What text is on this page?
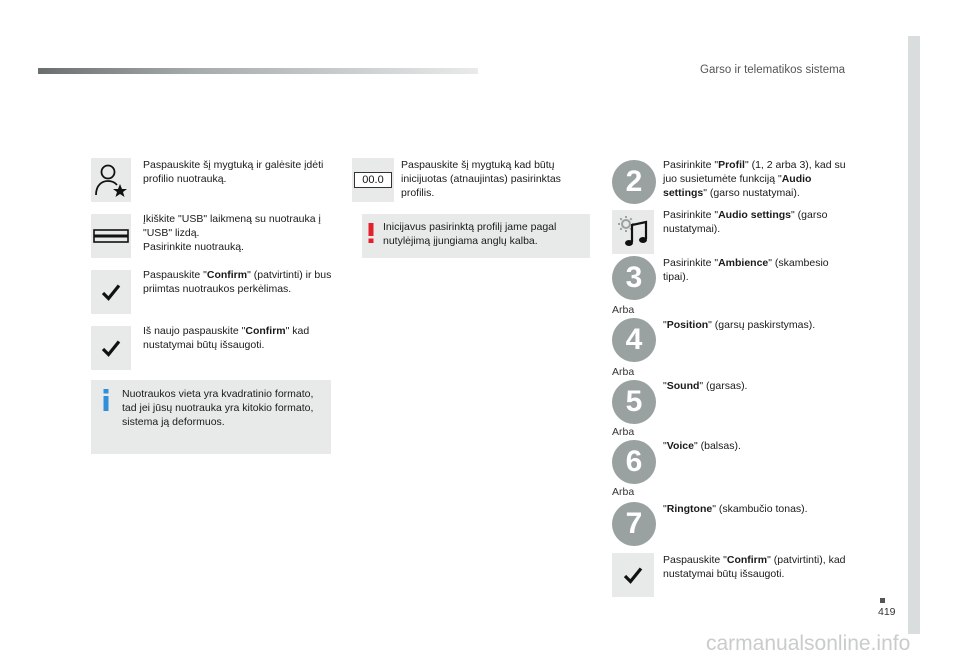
Garso ir telematikos sistema
419
carmanualsonline.info
Paspauskite šį mygtuką ir galėsite įdėti profilio nuotrauką.
Įkiškite "USB" laikmeną su nuotrauka į "USB" lizdą.
Pasirinkite nuotrauką.
Paspauskite "Confirm" (patvirtinti) ir bus priimtas nuotraukos perkėlimas.
Iš naujo paspauskite "Confirm" kad nustatymai būtų išsaugoti.
Nuotraukos vieta yra kvadratinio formato, tad jei jūsų nuotrauka yra kitokio formato, sistema ją deformuos.
00.0
Paspauskite šį mygtuką kad būtų inicijuotas (atnaujintas) pasirinktas profilis.
Inicijavus pasirinktą profilį jame pagal nutylėjimą įjungiama anglų kalba.
2	Pasirinkite "Profil" (1, 2 arba 3), kad su juo susietumėte funkciją "Audio settings" (garso nustatymai).
Pasirinkite "Audio settings" (garso nustatymai).
3	Pasirinkite "Ambience" (skambesio tipai).
Arba
4	"Position" (garsų paskirstymas).
Arba
5	"Sound" (garsas).
Arba
6	"Voice" (balsas).
Arba
7	"Ringtone" (skambučio tonas).
Paspauskite "Confirm" (patvirtinti), kad nustatymai būtų išsaugoti.
